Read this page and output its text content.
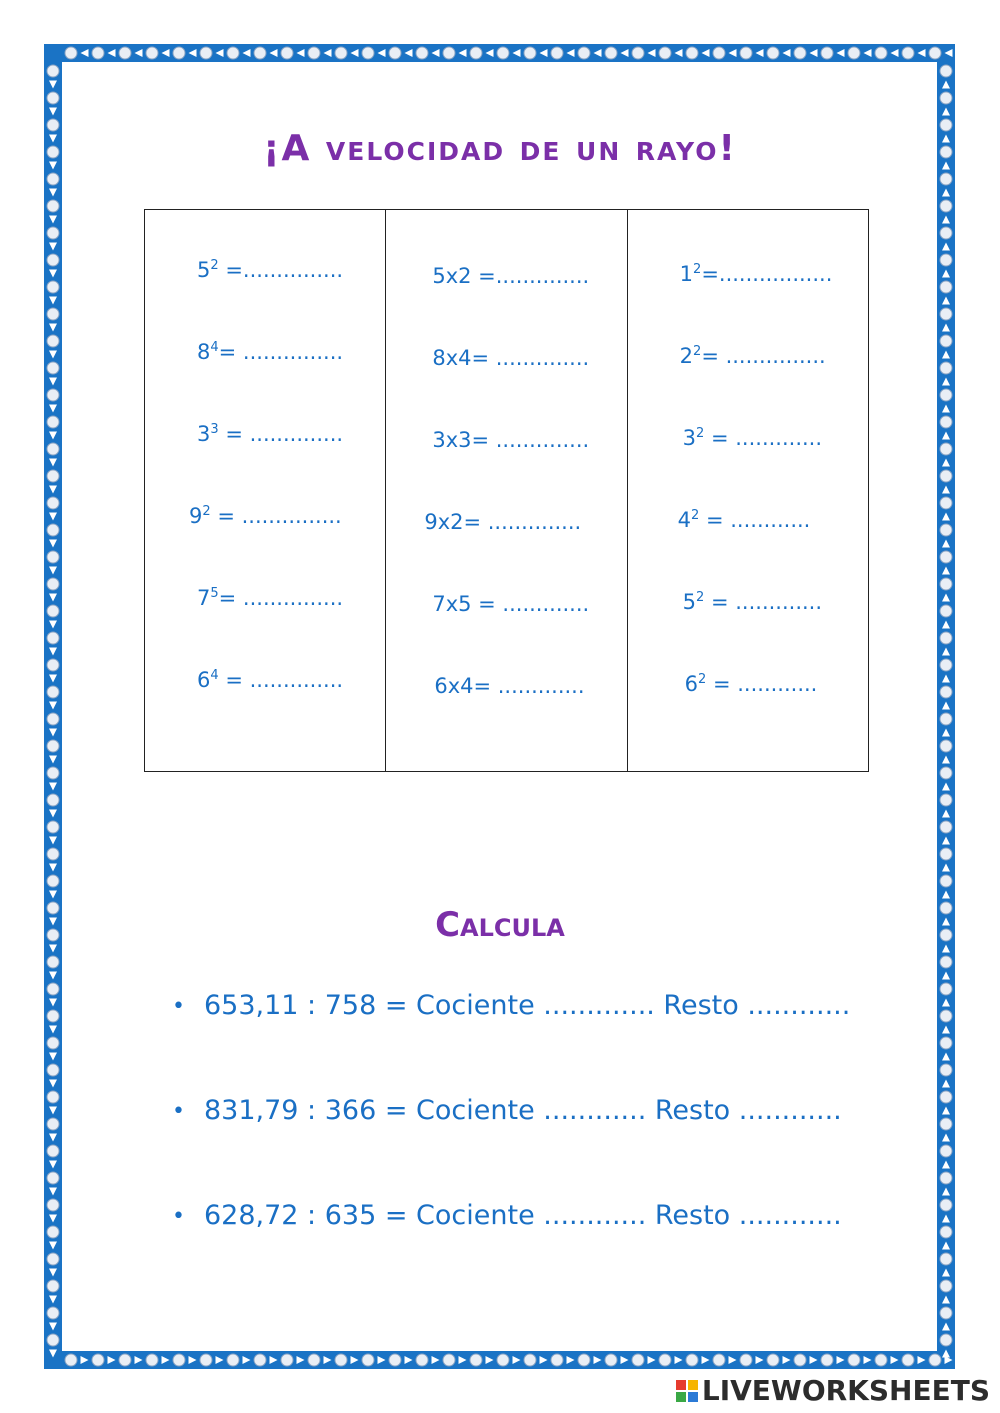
¡A velocidad de un rayo!
$5^2$ =...............
$8^4=$ ...............
$3^3$ = ..............
$9^2$ = ...............
$7^5=$ ...............
$6^4$ = ..............
5x2 =..............
8x4= ..............
3x3= ..............
9x2= ..............
7x5 = .............
6x4= .............
$1^2=$.................
$2^2=$ ...............
$3^2$ = .............
$4^2$ = ............
$5^2$ = .............
$6^2$ = ............
Calcula
• 653,11 : 758 = Cociente ............. Resto ............
• 831,79 : 366 = Cociente ............ Resto ............
• 628,72 : 635 = Cociente ............ Resto ............
LIVEWORKSHEETS
